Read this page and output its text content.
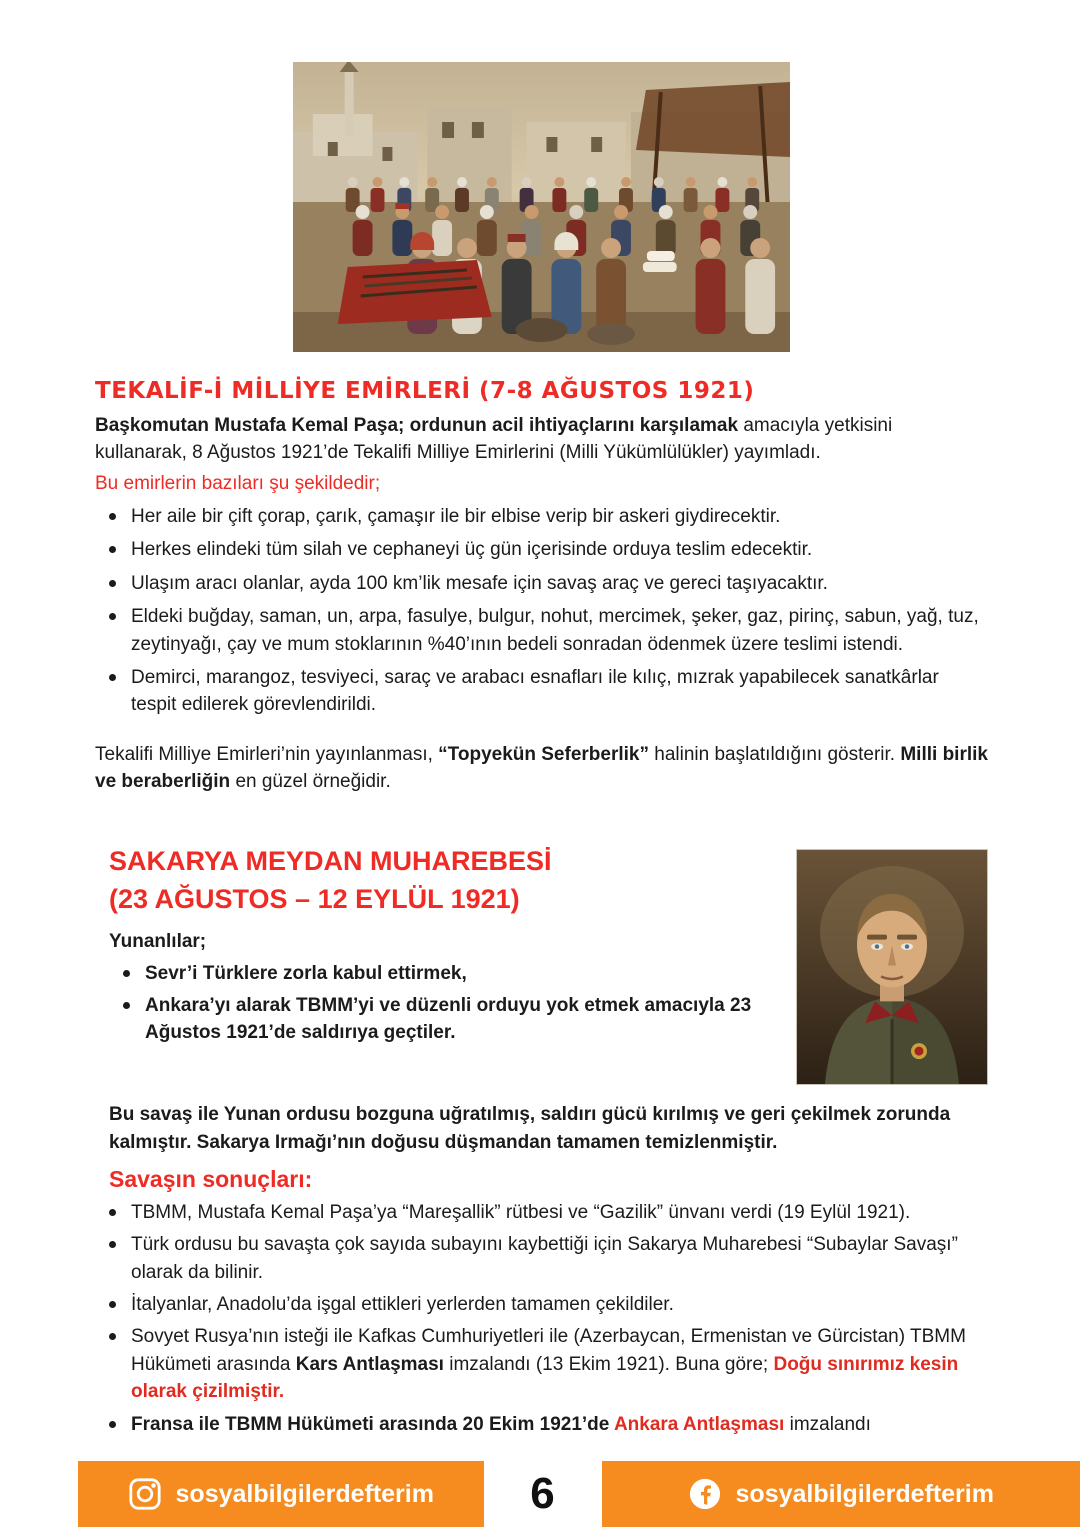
TEKALİF-İ MİLLİYE EMİRLERİ (7-8 AĞUSTOS 1921)

Başkomutan Mustafa Kemal Paşa; ordunun acil ihtiyaçlarını karşılamak amacıyla yetkisini kullanarak, 8 Ağustos 1921’de Tekalifi Milliye Emirlerini (Milli Yükümlülükler) yayımladı.

Bu emirlerin bazıları şu şekildedir;

Her aile bir çift çorap, çarık, çamaşır ile bir elbise verip bir askeri giydirecektir.
Herkes elindeki tüm silah ve cephaneyi üç gün içerisinde orduya teslim edecektir.
Ulaşım aracı olanlar, ayda 100 km’lik mesafe için savaş araç ve gereci taşıyacaktır.
Eldeki buğday, saman, un, arpa, fasulye, bulgur, nohut, mercimek, şeker, gaz, pirinç, sabun, yağ, tuz, zeytinyağı, çay ve mum stoklarının %40’ının bedeli sonradan ödenmek üzere teslimi istendi.
Demirci, marangoz, tesviyeci, saraç ve arabacı esnafları ile kılıç, mızrak yapabilecek sanatkârlar tespit edilerek görevlendirildi.

Tekalifi Milliye Emirleri’nin yayınlanması, “Topyekün Seferberlik” halinin başlatıldığını gösterir. Milli birlik ve beraberliğin en güzel örneğidir.

SAKARYA MEYDAN MUHAREBESİ
(23 AĞUSTOS – 12 EYLÜL 1921)

Yunanlılar;

Sevr’i Türklere zorla kabul ettirmek,
Ankara’yı alarak TBMM’yi ve düzenli orduyu yok etmek amacıyla 23 Ağustos 1921’de saldırıya geçtiler.

Bu savaş ile Yunan ordusu bozguna uğratılmış, saldırı gücü kırılmış ve geri çekilmek zorunda kalmıştır. Sakarya Irmağı’nın doğusu düşmandan tamamen temizlenmiştir.

Savaşın sonuçları:
TBMM, Mustafa Kemal Paşa’ya “Mareşallik” rütbesi ve “Gazilik” ünvanı verdi (19 Eylül 1921).
Türk ordusu bu savaşta çok sayıda subayını kaybettiği için Sakarya Muharebesi “Subaylar Savaşı” olarak da bilinir.
İtalyanlar, Anadolu’da işgal ettikleri yerlerden tamamen çekildiler.
Sovyet Rusya’nın isteği ile Kafkas Cumhuriyetleri ile (Azerbaycan, Ermenistan ve Gürcistan) TBMM Hükümeti arasında Kars Antlaşması imzalandı (13 Ekim 1921). Buna göre; Doğu sınırımız kesin olarak çizilmiştir.
Fransa ile TBMM Hükümeti arasında 20 Ekim 1921’de Ankara Antlaşması imzalandı
sosyalbilgilerdefterim 6	sosyalbilgilerdefterim
